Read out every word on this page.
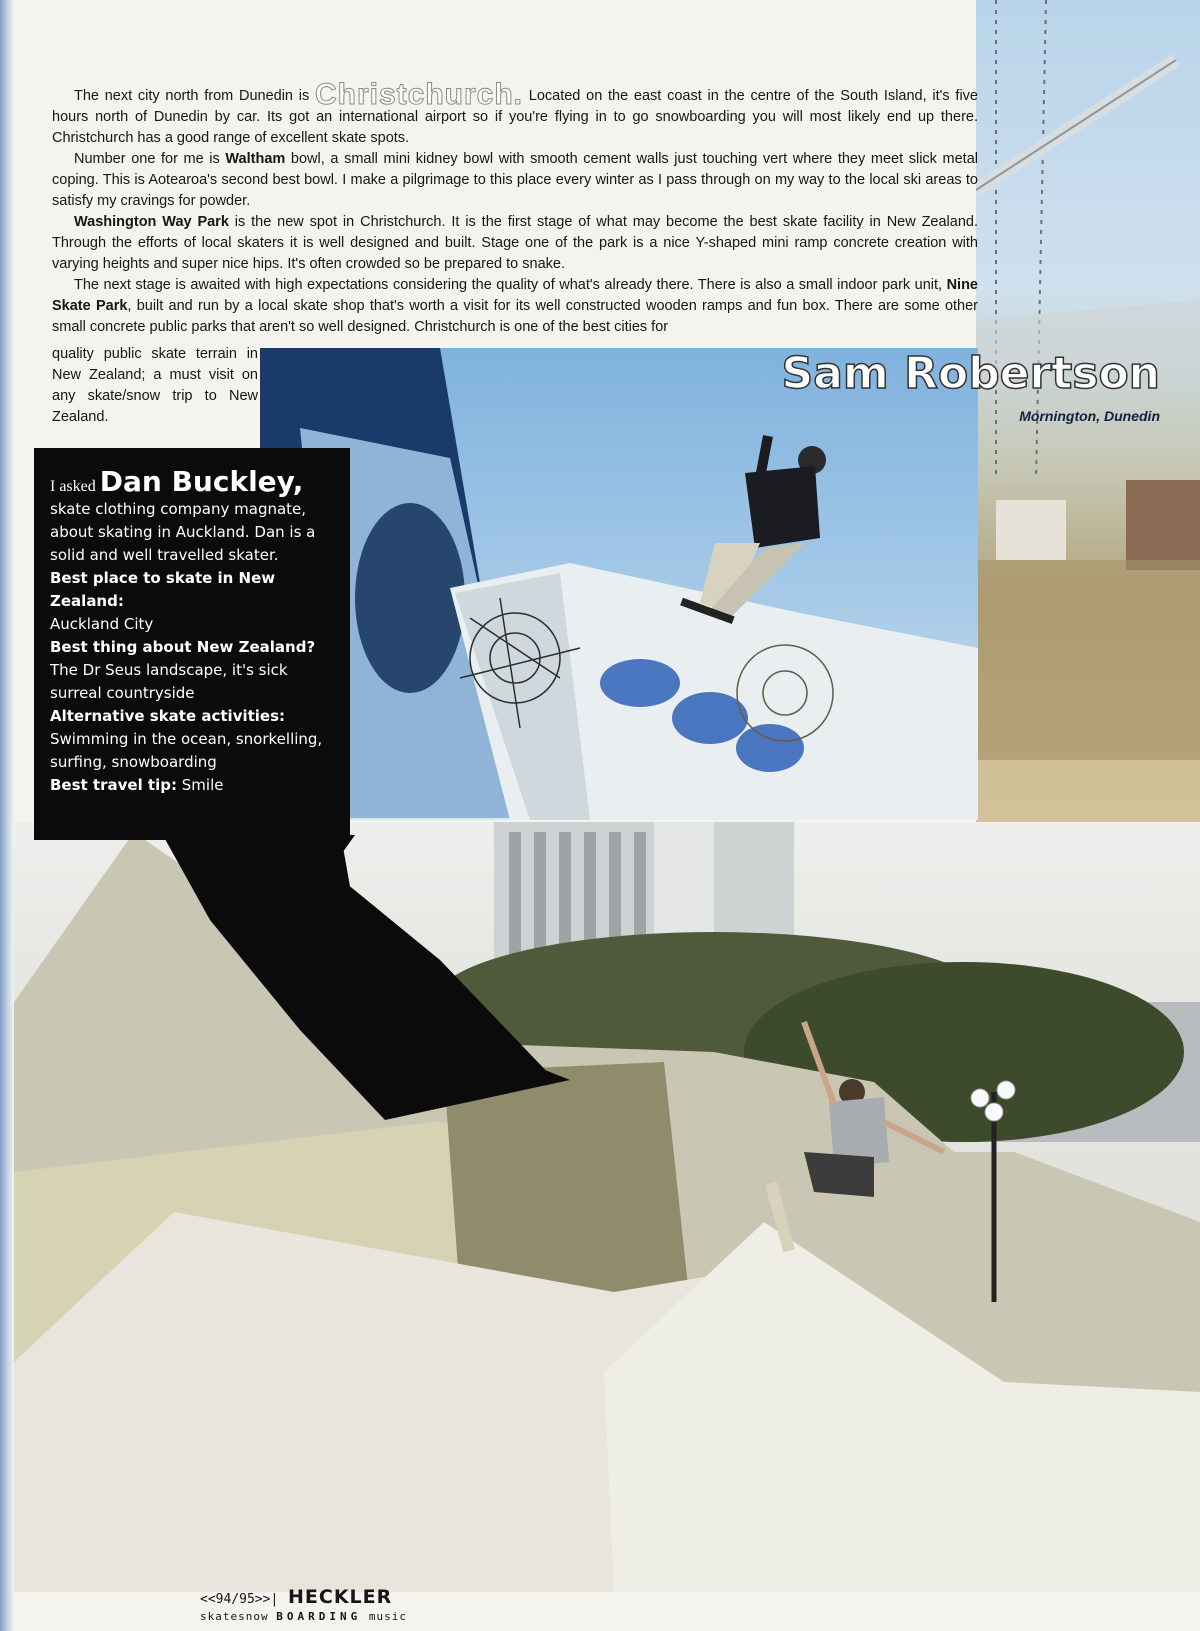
The next city north from Dunedin is Christchurch. Located on the east coast in the centre of the South Island, it's five hours north of Dunedin by car. Its got an international airport so if you're flying in to go snowboarding you will most likely end up there. Christchurch has a good range of excellent skate spots.

Number one for me is Waltham bowl, a small mini kidney bowl with smooth cement walls just touching vert where they meet slick metal coping. This is Aotearoa's second best bowl. I make a pilgrimage to this place every winter as I pass through on my way to the local ski areas to satisfy my cravings for powder.

Washington Way Park is the new spot in Christchurch. It is the first stage of what may become the best skate facility in New Zealand. Through the efforts of local skaters it is well designed and built. Stage one of the park is a nice Y-shaped mini ramp concrete creation with varying heights and super nice hips. It's often crowded so be prepared to snake.

The next stage is awaited with high expectations considering the quality of what's already there. There is also a small indoor park unit, Nine Skate Park, built and run by a local skate shop that's worth a visit for its well constructed wooden ramps and fun box. There are some other small concrete public parks that aren't so well designed. Christchurch is one of the best cities for

quality public skate terrain in New Zealand; a must visit on any skate/snow trip to New Zealand.
Sam Robertson
Mornington, Dunedin

I asked Dan Buckley,

skate clothing company magnate, about skating in Auckland. Dan is a solid and well travelled skater.

Best place to skate in New Zealand:

Auckland City

Best thing about New Zealand?

The Dr Seus landscape, it's sick surreal countryside

Alternative skate activities:

Swimming in the ocean, snorkelling, surfing, snowboarding

Best travel tip: Smile

<<94/95>>| HECKLER
skatesnow BOARDING music
